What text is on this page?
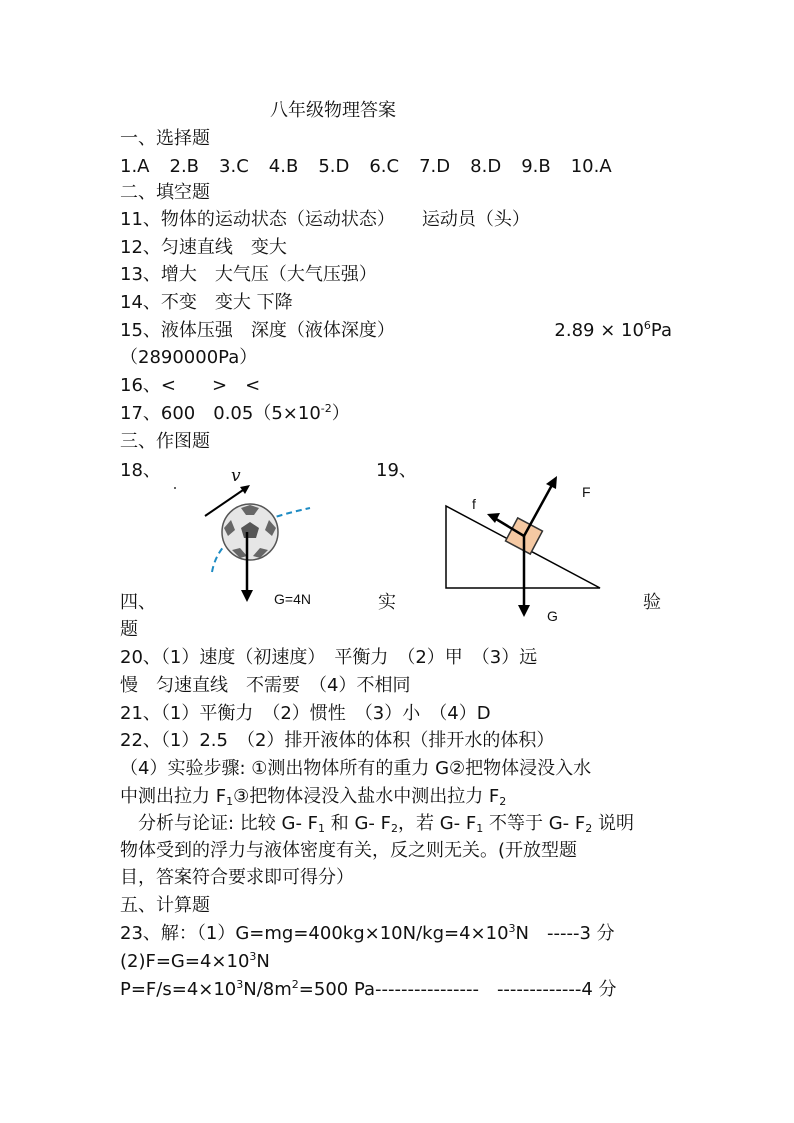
八年级物理答案
一、选择题
1.A 2.B 3.C 4.B 5.D 6.C 7.D 8.D 9.B 10.A
二、填空题
11、物体的运动状态（运动状态）　　运动员（头）
12、匀速直线　变大
13、增大　大气压（大气压强）
14、不变　变大 下降
15、液体压强　深度（液体深度）	$2.89 \times 10^6Pa$
（2890000Pa）
16、<　　>　<
17、600　$0.05(5\times 10^{-2})$
三、作图题
18、	19、
v
G=4N
f
F
G
四、	实	验
题
20、（1）速度（初速度）　平衡力　（2）甲　（3）远
慢　匀速直线　不需要　（4）不相同
21、（1）平衡力　（2）惯性　（3）小　（4）D
22、（1）2.5　（2）排开液体的体积（排开水的体积）
（4）实验步骤: ①测出物体所有的重力 G②把物体浸没入水
中测出拉力 $F_1③$把物体浸没入盐水中测出拉力 $F_2$
　分析与论证: 比较 G- $F_1$ 和 G- $F_2$，若 G- $F_1$ 不等于 G- $F_2$ 说明
物体受到的浮力与液体密度有关，反之则无关。(开放型题
目，答案符合要求即可得分）
五、计算题
23、解：$(1)G=mg=400kg\times 10N/kg=4\times 10^3N$　-----3 分
$(2)F=G=4\times 10^3N$
$P=F/s=4\times 10^3N/8m^2=500$ Pa----------------　-------------4 分
